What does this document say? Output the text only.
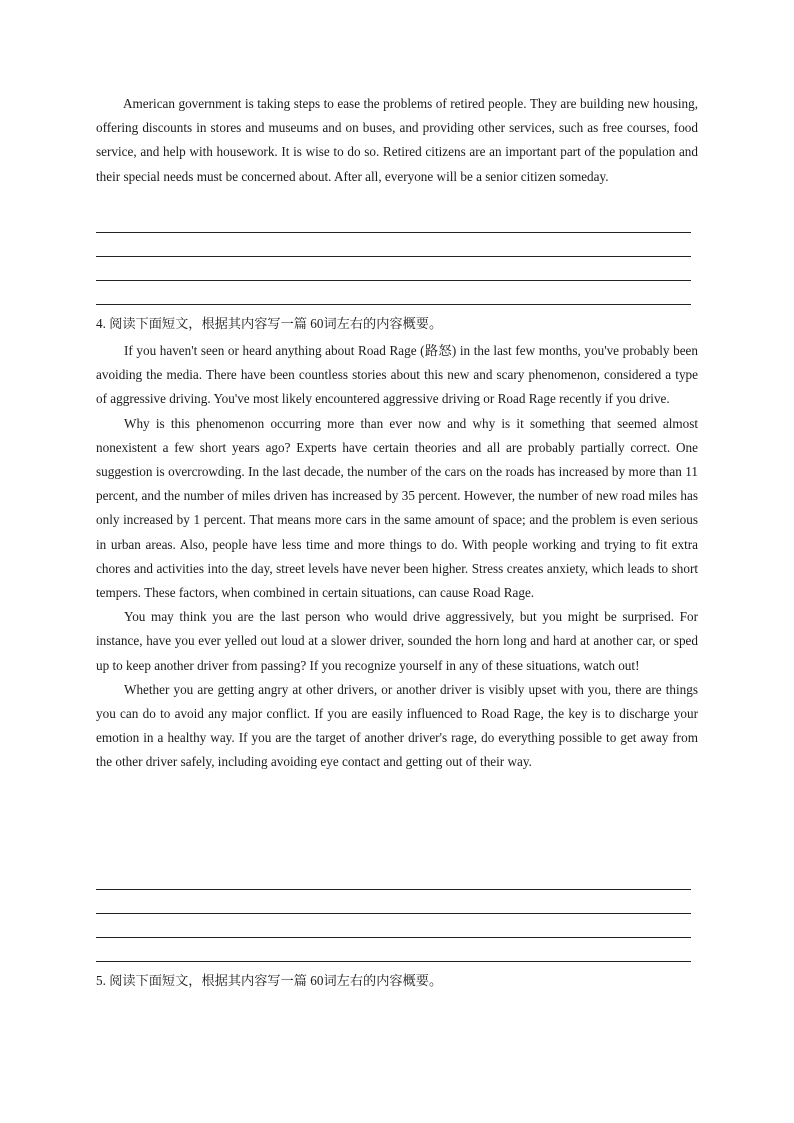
American government is taking steps to ease the problems of retired people. They are building new housing, offering discounts in stores and museums and on buses, and providing other services, such as free courses, food service, and help with housework. It is wise to do so. Retired citizens are an important part of the population and their special needs must be concerned about. After all, everyone will be a senior citizen someday.

4. 阅读下面短文，根据其内容写一篇 60词左右的内容概要。

If you haven't seen or heard anything about Road Rage (路怒) in the last few months, you've probably been avoiding the media. There have been countless stories about this new and scary phenomenon, considered a type of aggressive driving. You've most likely encountered aggressive driving or Road Rage recently if you drive.

Why is this phenomenon occurring more than ever now and why is it something that seemed almost nonexistent a few short years ago? Experts have certain theories and all are probably partially correct. One suggestion is overcrowding. In the last decade, the number of the cars on the roads has increased by more than 11 percent, and the number of miles driven has increased by 35 percent. However, the number of new road miles has only increased by 1 percent. That means more cars in the same amount of space; and the problem is even serious in urban areas. Also, people have less time and more things to do. With people working and trying to fit extra chores and activities into the day, street levels have never been higher. Stress creates anxiety, which leads to short tempers. These factors, when combined in certain situations, can cause Road Rage.

You may think you are the last person who would drive aggressively, but you might be surprised. For instance, have you ever yelled out loud at a slower driver, sounded the horn long and hard at another car, or sped up to keep another driver from passing? If you recognize yourself in any of these situations, watch out!

Whether you are getting angry at other drivers, or another driver is visibly upset with you, there are things you can do to avoid any major conflict. If you are easily influenced to Road Rage, the key is to discharge your emotion in a healthy way. If you are the target of another driver's rage, do everything possible to get away from the other driver safely, including avoiding eye contact and getting out of their way.

5. 阅读下面短文，根据其内容写一篇 60词左右的内容概要。
